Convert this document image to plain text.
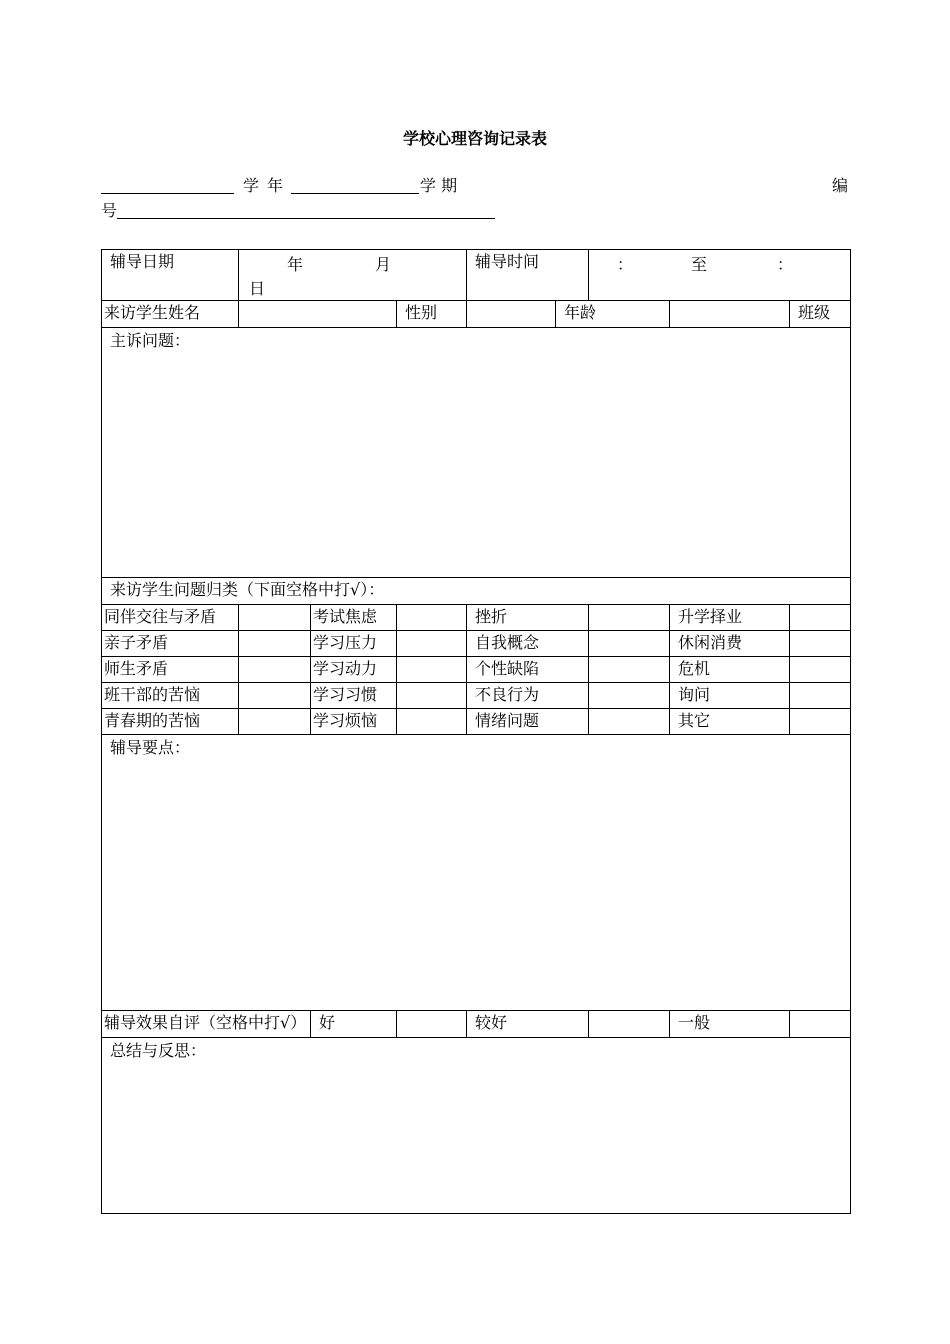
学校心理咨询记录表
学 年	学 期	编
号
辅导日期	年 月
日			辅导时间		： 至 ：		

来访学生姓名			性别		年龄			班级
主诉问题：								
来访学生问题归类（下面空格中打√）：								
同伴交往与矛盾		考试焦虑		挫折			升学择业	
亲子矛盾		学习压力		自我概念			休闲消费	
师生矛盾		学习动力		个性缺陷			危机	
班干部的苦恼		学习习惯		不良行为			询问	
青春期的苦恼		学习烦恼		情绪问题			其它	
辅导要点：								
辅导效果自评（空格中打√）		好		较好			一般	
总结与反思：								
